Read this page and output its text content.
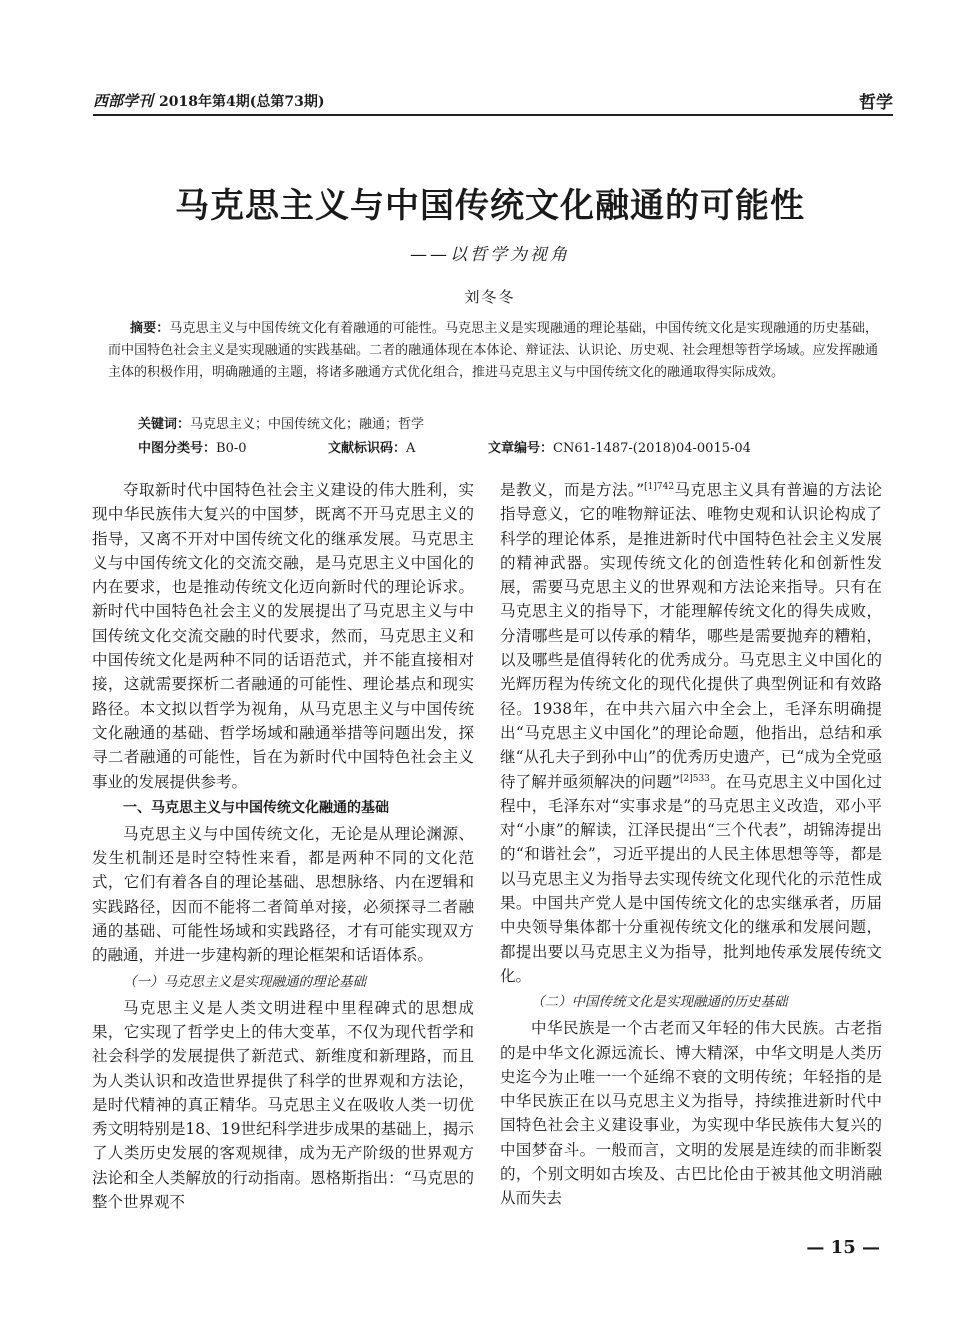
西部学刊 2018年第4期(总第73期)	哲学
马克思主义与中国传统文化融通的可能性
——以哲学为视角
刘冬冬
摘要：马克思主义与中国传统文化有着融通的可能性。马克思主义是实现融通的理论基础，中国传统文化是实现融通的历史基础，而中国特色社会主义是实现融通的实践基础。二者的融通体现在本体论、辩证法、认识论、历史观、社会理想等哲学场域。应发挥融通主体的积极作用，明确融通的主题，将诸多融通方式优化组合，推进马克思主义与中国传统文化的融通取得实际成效。
关键词：马克思主义；中国传统文化；融通；哲学
中图分类号：B0-0	文献标识码：A	文章编号：CN61-1487-(2018)04-0015-04

夺取新时代中国特色社会主义建设的伟大胜利，实现中华民族伟大复兴的中国梦，既离不开马克思主义的指导，又离不开对中国传统文化的继承发展。马克思主义与中国传统文化的交流交融，是马克思主义中国化的内在要求，也是推动传统文化迈向新时代的理论诉求。新时代中国特色社会主义的发展提出了马克思主义与中国传统文化交流交融的时代要求，然而，马克思主义和中国传统文化是两种不同的话语范式，并不能直接相对接，这就需要探析二者融通的可能性、理论基点和现实路径。本文拟以哲学为视角，从马克思主义与中国传统文化融通的基础、哲学场域和融通举措等问题出发，探寻二者融通的可能性，旨在为新时代中国特色社会主义事业的发展提供参考。

一、马克思主义与中国传统文化融通的基础

马克思主义与中国传统文化，无论是从理论渊源、发生机制还是时空特性来看，都是两种不同的文化范式，它们有着各自的理论基础、思想脉络、内在逻辑和实践路径，因而不能将二者简单对接，必须探寻二者融通的基础、可能性场域和实践路径，才有可能实现双方的融通，并进一步建构新的理论框架和话语体系。

（一）马克思主义是实现融通的理论基础

马克思主义是人类文明进程中里程碑式的思想成果，它实现了哲学史上的伟大变革，不仅为现代哲学和社会科学的发展提供了新范式、新维度和新理路，而且为人类认识和改造世界提供了科学的世界观和方法论，是时代精神的真正精华。马克思主义在吸收人类一切优秀文明特别是18、19世纪科学进步成果的基础上，揭示了人类历史发展的客观规律，成为无产阶级的世界观方法论和全人类解放的行动指南。恩格斯指出：“马克思的整个世界观不

是教义，而是方法。”$^{[1]742}$马克思主义具有普遍的方法论指导意义，它的唯物辩证法、唯物史观和认识论构成了科学的理论体系，是推进新时代中国特色社会主义发展的精神武器。实现传统文化的创造性转化和创新性发展，需要马克思主义的世界观和方法论来指导。只有在马克思主义的指导下，才能理解传统文化的得失成败，分清哪些是可以传承的精华，哪些是需要抛弃的糟粕，以及哪些是值得转化的优秀成分。马克思主义中国化的光辉历程为传统文化的现代化提供了典型例证和有效路径。1938年，在中共六届六中全会上，毛泽东明确提出“马克思主义中国化”的理论命题，他指出，总结和承继“从孔夫子到孙中山”的优秀历史遗产，已“成为全党亟待了解并亟须解决的问题”$^{[2]533}$。在马克思主义中国化过程中，毛泽东对“实事求是”的马克思主义改造，邓小平对“小康”的解读，江泽民提出“三个代表”，胡锦涛提出的“和谐社会”，习近平提出的人民主体思想等等，都是以马克思主义为指导去实现传统文化现代化的示范性成果。中国共产党人是中国传统文化的忠实继承者，历届中央领导集体都十分重视传统文化的继承和发展问题，都提出要以马克思主义为指导，批判地传承发展传统文化。

（二）中国传统文化是实现融通的历史基础

中华民族是一个古老而又年轻的伟大民族。古老指的是中华文化源远流长、博大精深，中华文明是人类历史迄今为止唯一一个延绵不衰的文明传统；年轻指的是中华民族正在以马克思主义为指导，持续推进新时代中国特色社会主义建设事业，为实现中华民族伟大复兴的中国梦奋斗。一般而言，文明的发展是连续的而非断裂的，个别文明如古埃及、古巴比伦由于被其他文明消融从而失去

— 15 —
